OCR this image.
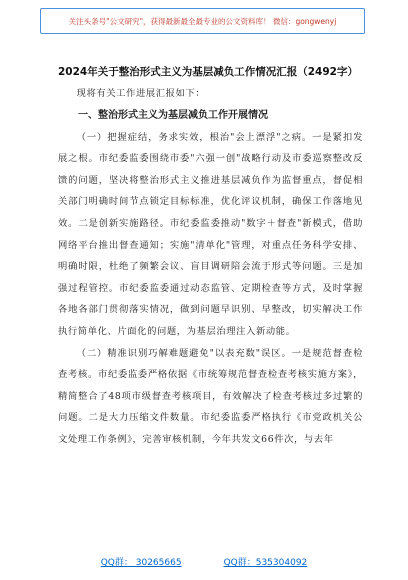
关注头条号"公文研究"，获得最新最全最专业的公文资料库！ 微信：gongwenyj

2024年关于整治形式主义为基层减负工作情况汇报（2492字）

现将有关工作进展汇报如下：

一、整治形式主义为基层减负工作开展情况

（一）把握症结，务求实效，根治"会上漂浮"之病。一是紧扣发展之根。市纪委监委围绕市委"六强一创"战略行动及市委巡察整改反馈的问题，坚决将整治形式主义推进基层减负作为监督重点，督促相关部门明确时间节点锁定目标标准，优化评议机制，确保工作落地见效。二是创新实施路径。市纪委监委推动"数字＋督查"新模式，借助网络平台推出督查通知；实施"清单化"管理，对重点任务科学安排、明确时限，杜绝了频繁会议、盲目调研陪会流于形式等问题。三是加强过程管控。市纪委监委通过动态监管、定期检查等方式，及时掌握各地各部门贯彻落实情况，做到问题早识别、早整改，切实解决工作执行简单化、片面化的问题，为基层治理注入新动能。

（二）精准识别巧解难题避免"以表充数"误区。一是规范督查检查考核。市纪委监委严格依据《市统筹规范督查检查考核实施方案》，精简整合了48项市级督查考核项目，有效解决了检查考核过多过繁的问题。二是大力压缩文件数量。市纪委监委严格执行《市党政机关公文处理工作条例》，完善审核机制，今年共发文66件次，与去年

QQ群： 30265665	QQ群：535304092
